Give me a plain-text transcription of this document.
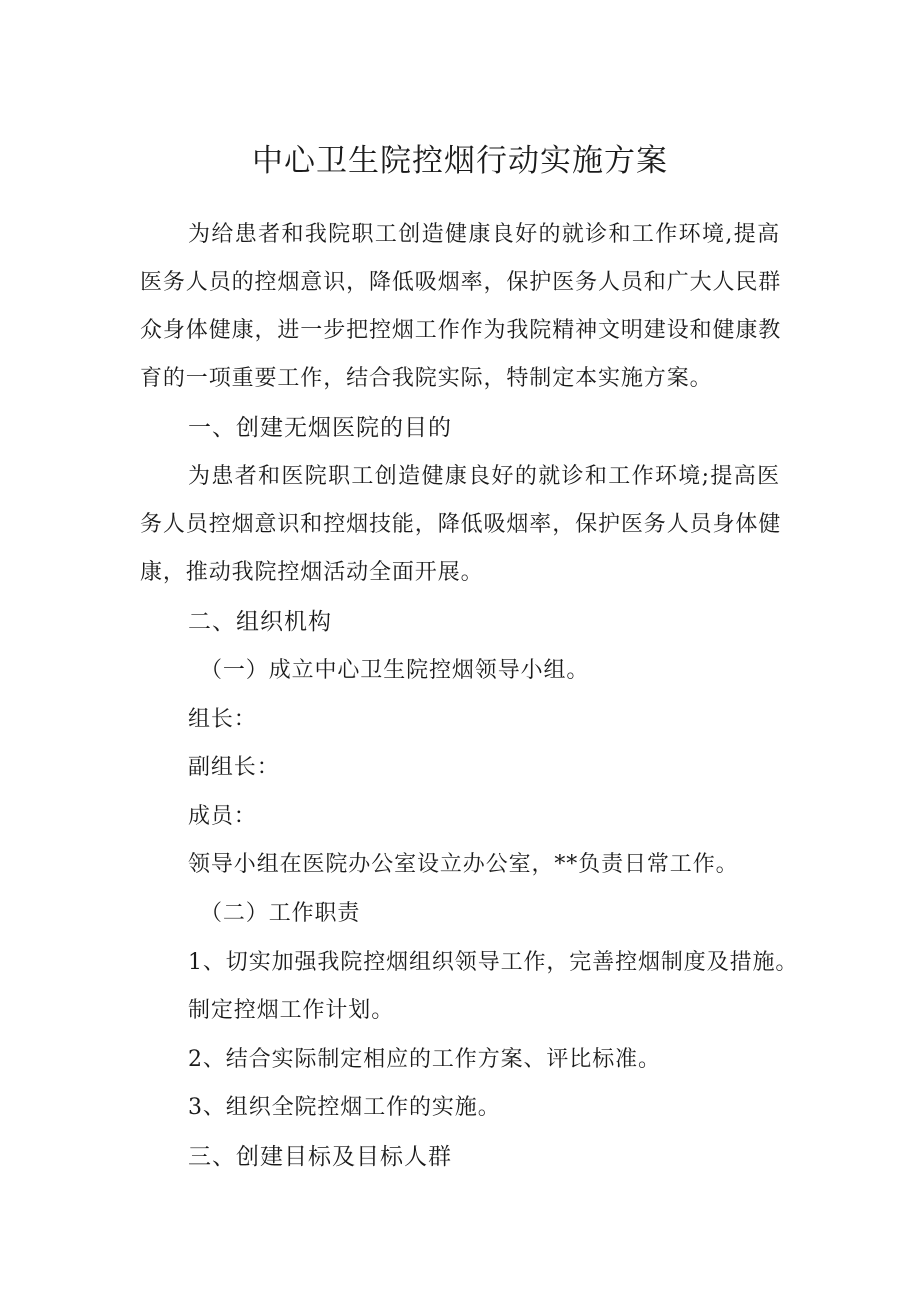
中心卫生院控烟行动实施方案
为给患者和我院职工创造健康良好的就诊和工作环境,提高
医务人员的控烟意识，降低吸烟率，保护医务人员和广大人民群
众身体健康，进一步把控烟工作作为我院精神文明建设和健康教
育的一项重要工作，结合我院实际，特制定本实施方案。
一、创建无烟医院的目的
为患者和医院职工创造健康良好的就诊和工作环境;提高医
务人员控烟意识和控烟技能，降低吸烟率，保护医务人员身体健
康，推动我院控烟活动全面开展。
二、组织机构
（一）成立中心卫生院控烟领导小组。
组长：
副组长：
成员：
领导小组在医院办公室设立办公室，**负责日常工作。
（二）工作职责
1、切实加强我院控烟组织领导工作，完善控烟制度及措施。
制定控烟工作计划。
2、结合实际制定相应的工作方案、评比标准。
3、组织全院控烟工作的实施。
三、创建目标及目标人群
